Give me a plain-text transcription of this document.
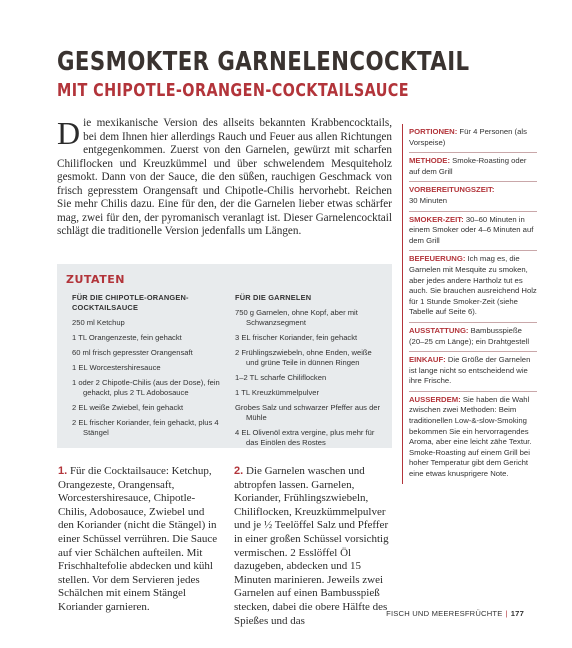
GESMOKTER GARNELENCOCKTAIL
MIT CHIPOTLE-ORANGEN-COCKTAILSAUCE
Die mexikanische Version des allseits bekannten Krabbencocktails, bei dem Ihnen hier allerdings Rauch und Feuer aus allen Richtungen entgegenkommen. Zuerst von den Garnelen, gewürzt mit scharfen Chiliflocken und Kreuzkümmel und über schwelendem Mesquiteholz gesmokt. Dann von der Sauce, die den süßen, rauchigen Geschmack von frisch gepresstem Orangensaft und Chipotle-Chilis hervorhebt. Reichen Sie mehr Chilis dazu. Eine für den, der die Garnelen lieber etwas schärfer mag, zwei für den, der pyromanisch veranlagt ist. Dieser Garnelencocktail schlägt die traditionelle Version jedenfalls um Längen.
ZUTATEN
FÜR DIE CHIPOTLE-ORANGEN-COCKTAILSAUCE
250 ml Ketchup
1 TL Orangenzeste, fein gehackt
60 ml frisch gepresster Orangensaft
1 EL Worcestershiresauce
1 oder 2 Chipotle-Chilis (aus der Dose), fein gehackt, plus 2 TL Adobosauce
2 EL weiße Zwiebel, fein gehackt
2 EL frischer Koriander, fein gehackt, plus 4 Stängel
FÜR DIE GARNELEN
750 g Garnelen, ohne Kopf, aber mit Schwanzsegment
3 EL frischer Koriander, fein gehackt
2 Frühlingszwiebeln, ohne Enden, weiße und grüne Teile in dünnen Ringen
1–2 TL scharfe Chiliflocken
1 TL Kreuzkümmelpulver
Grobes Salz und schwarzer Pfeffer aus der Mühle
4 EL Olivenöl extra vergine, plus mehr für das Einölen des Rostes
1. Für die Cocktailsauce: Ketchup, Orangezeste, Orangensaft, Worcestershiresauce, Chipotle-Chilis, Adobosauce, Zwiebel und den Koriander (nicht die Stängel) in einer Schüssel verrühren. Die Sauce auf vier Schälchen aufteilen. Mit Frischhaltefolie abdecken und kühl stellen. Vor dem Servieren jedes Schälchen mit einem Stängel Koriander garnieren.
2. Die Garnelen waschen und abtropfen lassen. Garnelen, Koriander, Frühlingszwiebeln, Chiliflocken, Kreuzkümmelpulver und je ½ Teelöffel Salz und Pfeffer in einer großen Schüssel vorsichtig vermischen. 2 Esslöffel Öl dazugeben, abdecken und 15 Minuten marinieren. Jeweils zwei Garnelen auf einen Bambusspieß stecken, dabei die obere Hälfte des Spießes und das
PORTIONEN: Für 4 Personen (als Vorspeise)
METHODE: Smoke-Roasting oder auf dem Grill
VORBEREITUNGSZEIT:
30 Minuten
SMOKER-ZEIT: 30–60 Minuten in einem Smoker oder 4–6 Minuten auf dem Grill
BEFEUERUNG: Ich mag es, die Garnelen mit Mesquite zu smoken, aber jedes andere Hartholz tut es auch. Sie brauchen ausreichend Holz für 1 Stunde Smoker-Zeit (siehe Tabelle auf Seite 6).
AUSSTATTUNG: Bambusspieße (20–25 cm Länge); ein Drahtgestell
EINKAUF: Die Größe der Garnelen ist lange nicht so entscheidend wie ihre Frische.
AUSSERDEM: Sie haben die Wahl zwischen zwei Methoden: Beim traditionellen Low-&-slow-Smoking bekommen Sie ein hervorragendes Aroma, aber eine leicht zähe Textur. Smoke-Roasting auf einem Grill bei hoher Temperatur gibt dem Gericht eine etwas knusprigere Note.
FISCH UND MEERESFRÜCHTE | 177
